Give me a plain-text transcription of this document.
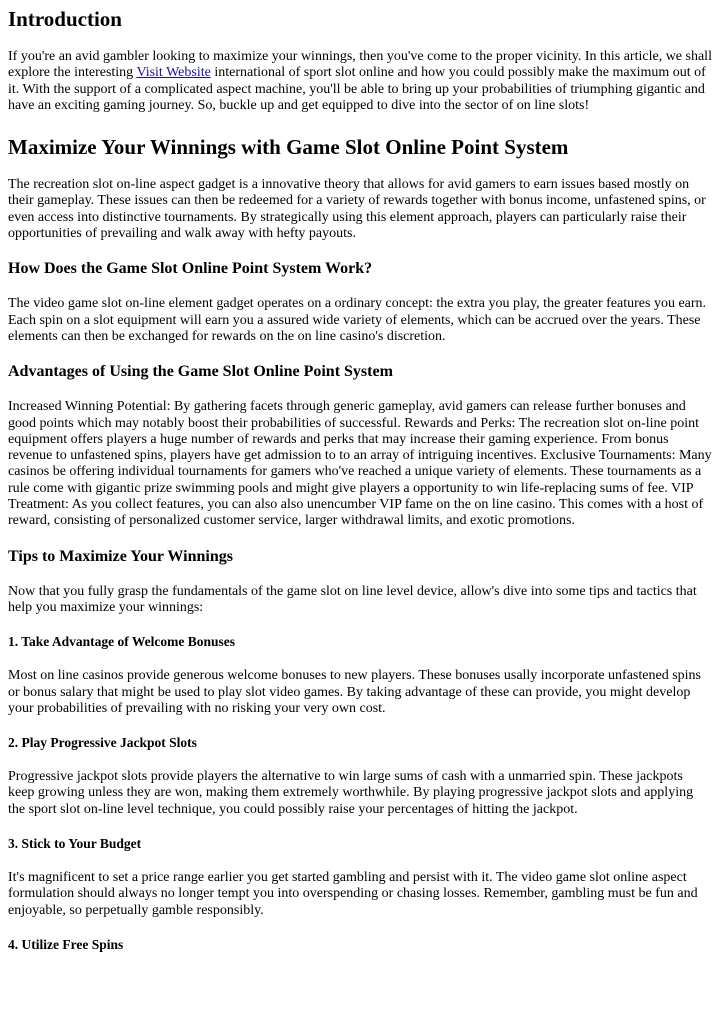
Introduction

If you're an avid gambler looking to maximize your winnings, then you've come to the proper vicinity. In this article, we shall explore the interesting Visit Website international of sport slot online and how you could possibly make the maximum out of it. With the support of a complicated aspect machine, you'll be able to bring up your probabilities of triumphing gigantic and have an exciting gaming journey. So, buckle up and get equipped to dive into the sector of on line slots!

Maximize Your Winnings with Game Slot Online Point System

The recreation slot on-line aspect gadget is a innovative theory that allows for avid gamers to earn issues based mostly on their gameplay. These issues can then be redeemed for a variety of rewards together with bonus income, unfastened spins, or even access into distinctive tournaments. By strategically using this element approach, players can particularly raise their opportunities of prevailing and walk away with hefty payouts.

How Does the Game Slot Online Point System Work?

The video game slot on-line element gadget operates on a ordinary concept: the extra you play, the greater features you earn. Each spin on a slot equipment will earn you a assured wide variety of elements, which can be accrued over the years. These elements can then be exchanged for rewards on the on line casino's discretion.

Advantages of Using the Game Slot Online Point System

Increased Winning Potential: By gathering facets through generic gameplay, avid gamers can release further bonuses and good points which may notably boost their probabilities of successful. Rewards and Perks: The recreation slot on-line point equipment offers players a huge number of rewards and perks that may increase their gaming experience. From bonus revenue to unfastened spins, players have get admission to to an array of intriguing incentives. Exclusive Tournaments: Many casinos be offering individual tournaments for gamers who've reached a unique variety of elements. These tournaments as a rule come with gigantic prize swimming pools and might give players a opportunity to win life-replacing sums of fee. VIP Treatment: As you collect features, you can also also unencumber VIP fame on the on line casino. This comes with a host of reward, consisting of personalized customer service, larger withdrawal limits, and exotic promotions.

Tips to Maximize Your Winnings

Now that you fully grasp the fundamentals of the game slot on line level device, allow's dive into some tips and tactics that help you maximize your winnings:

1. Take Advantage of Welcome Bonuses

Most on line casinos provide generous welcome bonuses to new players. These bonuses usally incorporate unfastened spins or bonus salary that might be used to play slot video games. By taking advantage of these can provide, you might develop your probabilities of prevailing with no risking your very own cost.

2. Play Progressive Jackpot Slots

Progressive jackpot slots provide players the alternative to win large sums of cash with a unmarried spin. These jackpots keep growing unless they are won, making them extremely worthwhile. By playing progressive jackpot slots and applying the sport slot on-line level technique, you could possibly raise your percentages of hitting the jackpot.

3. Stick to Your Budget

It's magnificent to set a price range earlier you get started gambling and persist with it. The video game slot online aspect formulation should always no longer tempt you into overspending or chasing losses. Remember, gambling must be fun and enjoyable, so perpetually gamble responsibly.

4. Utilize Free Spins
